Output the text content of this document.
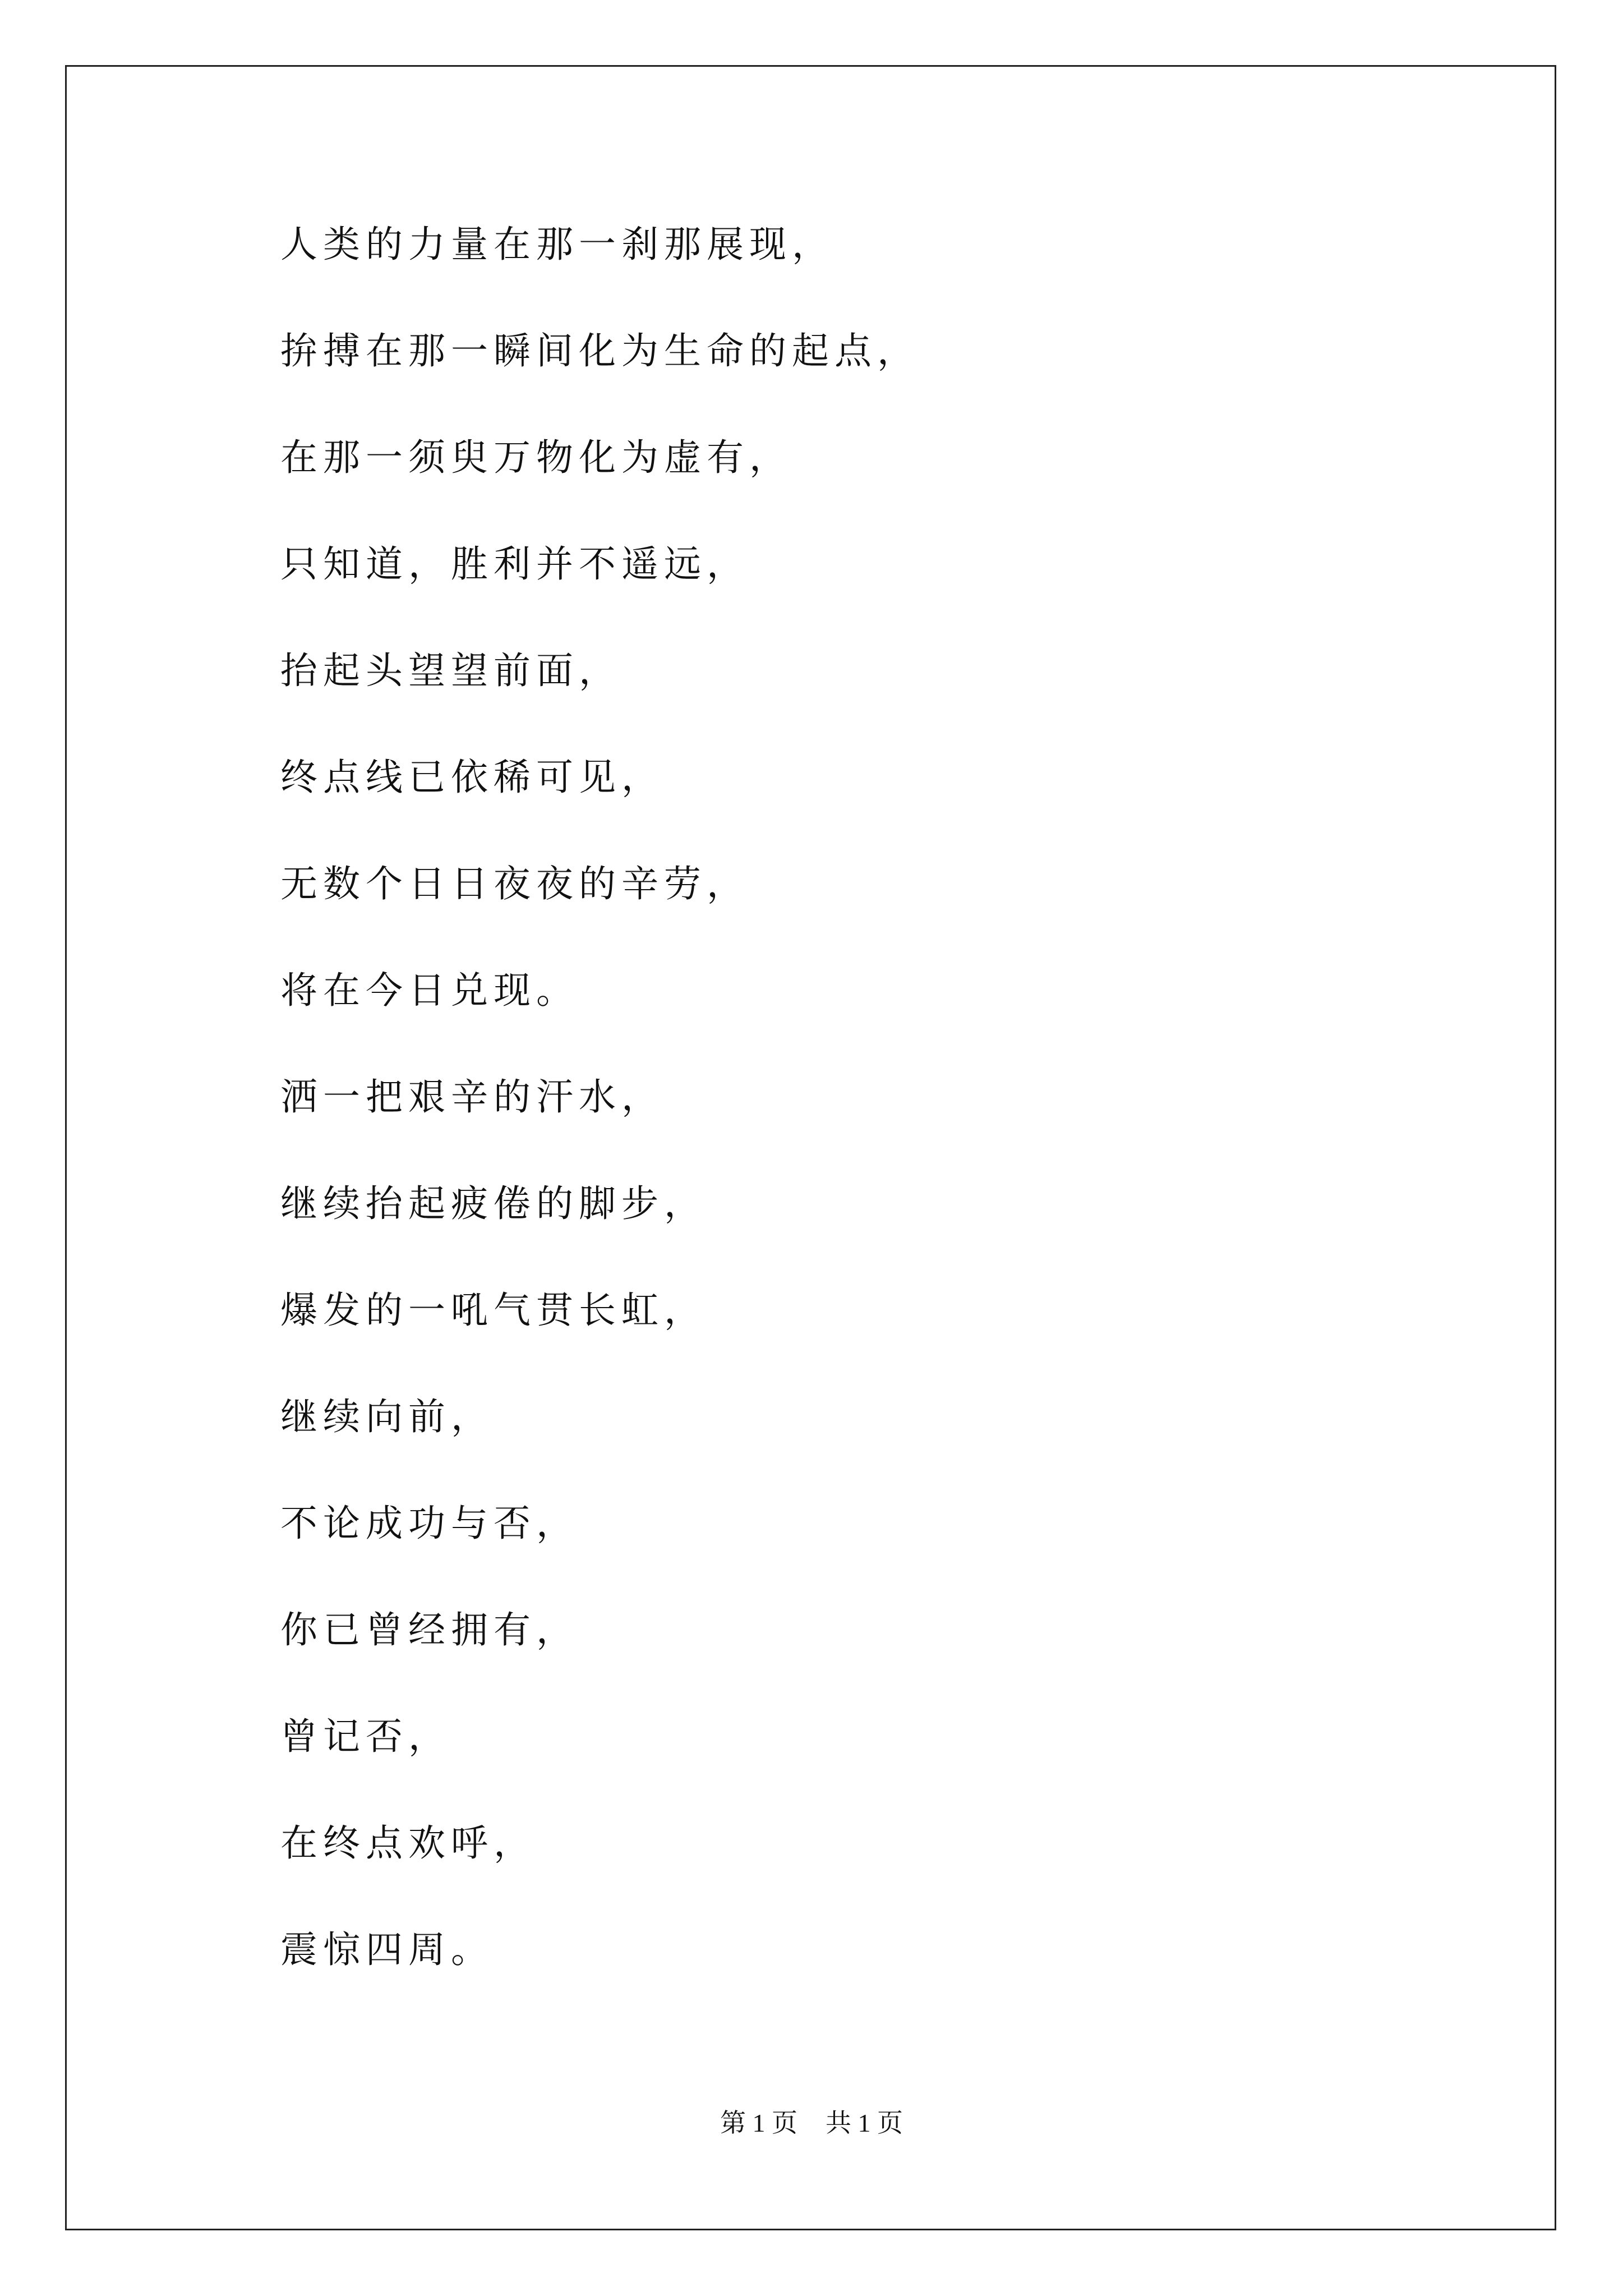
人类的力量在那一刹那展现，
拚搏在那一瞬间化为生命的起点，
在那一须臾万物化为虚有，
只知道，胜利并不遥远，
抬起头望望前面，
终点线已依稀可见，
无数个日日夜夜的辛劳，
将在今日兑现。
洒一把艰辛的汗水，
继续抬起疲倦的脚步，
爆发的一吼气贯长虹，
继续向前，
不论成功与否，
你已曾经拥有，
曾记否，
在终点欢呼，
震惊四周。
第 1 页 共 1 页
